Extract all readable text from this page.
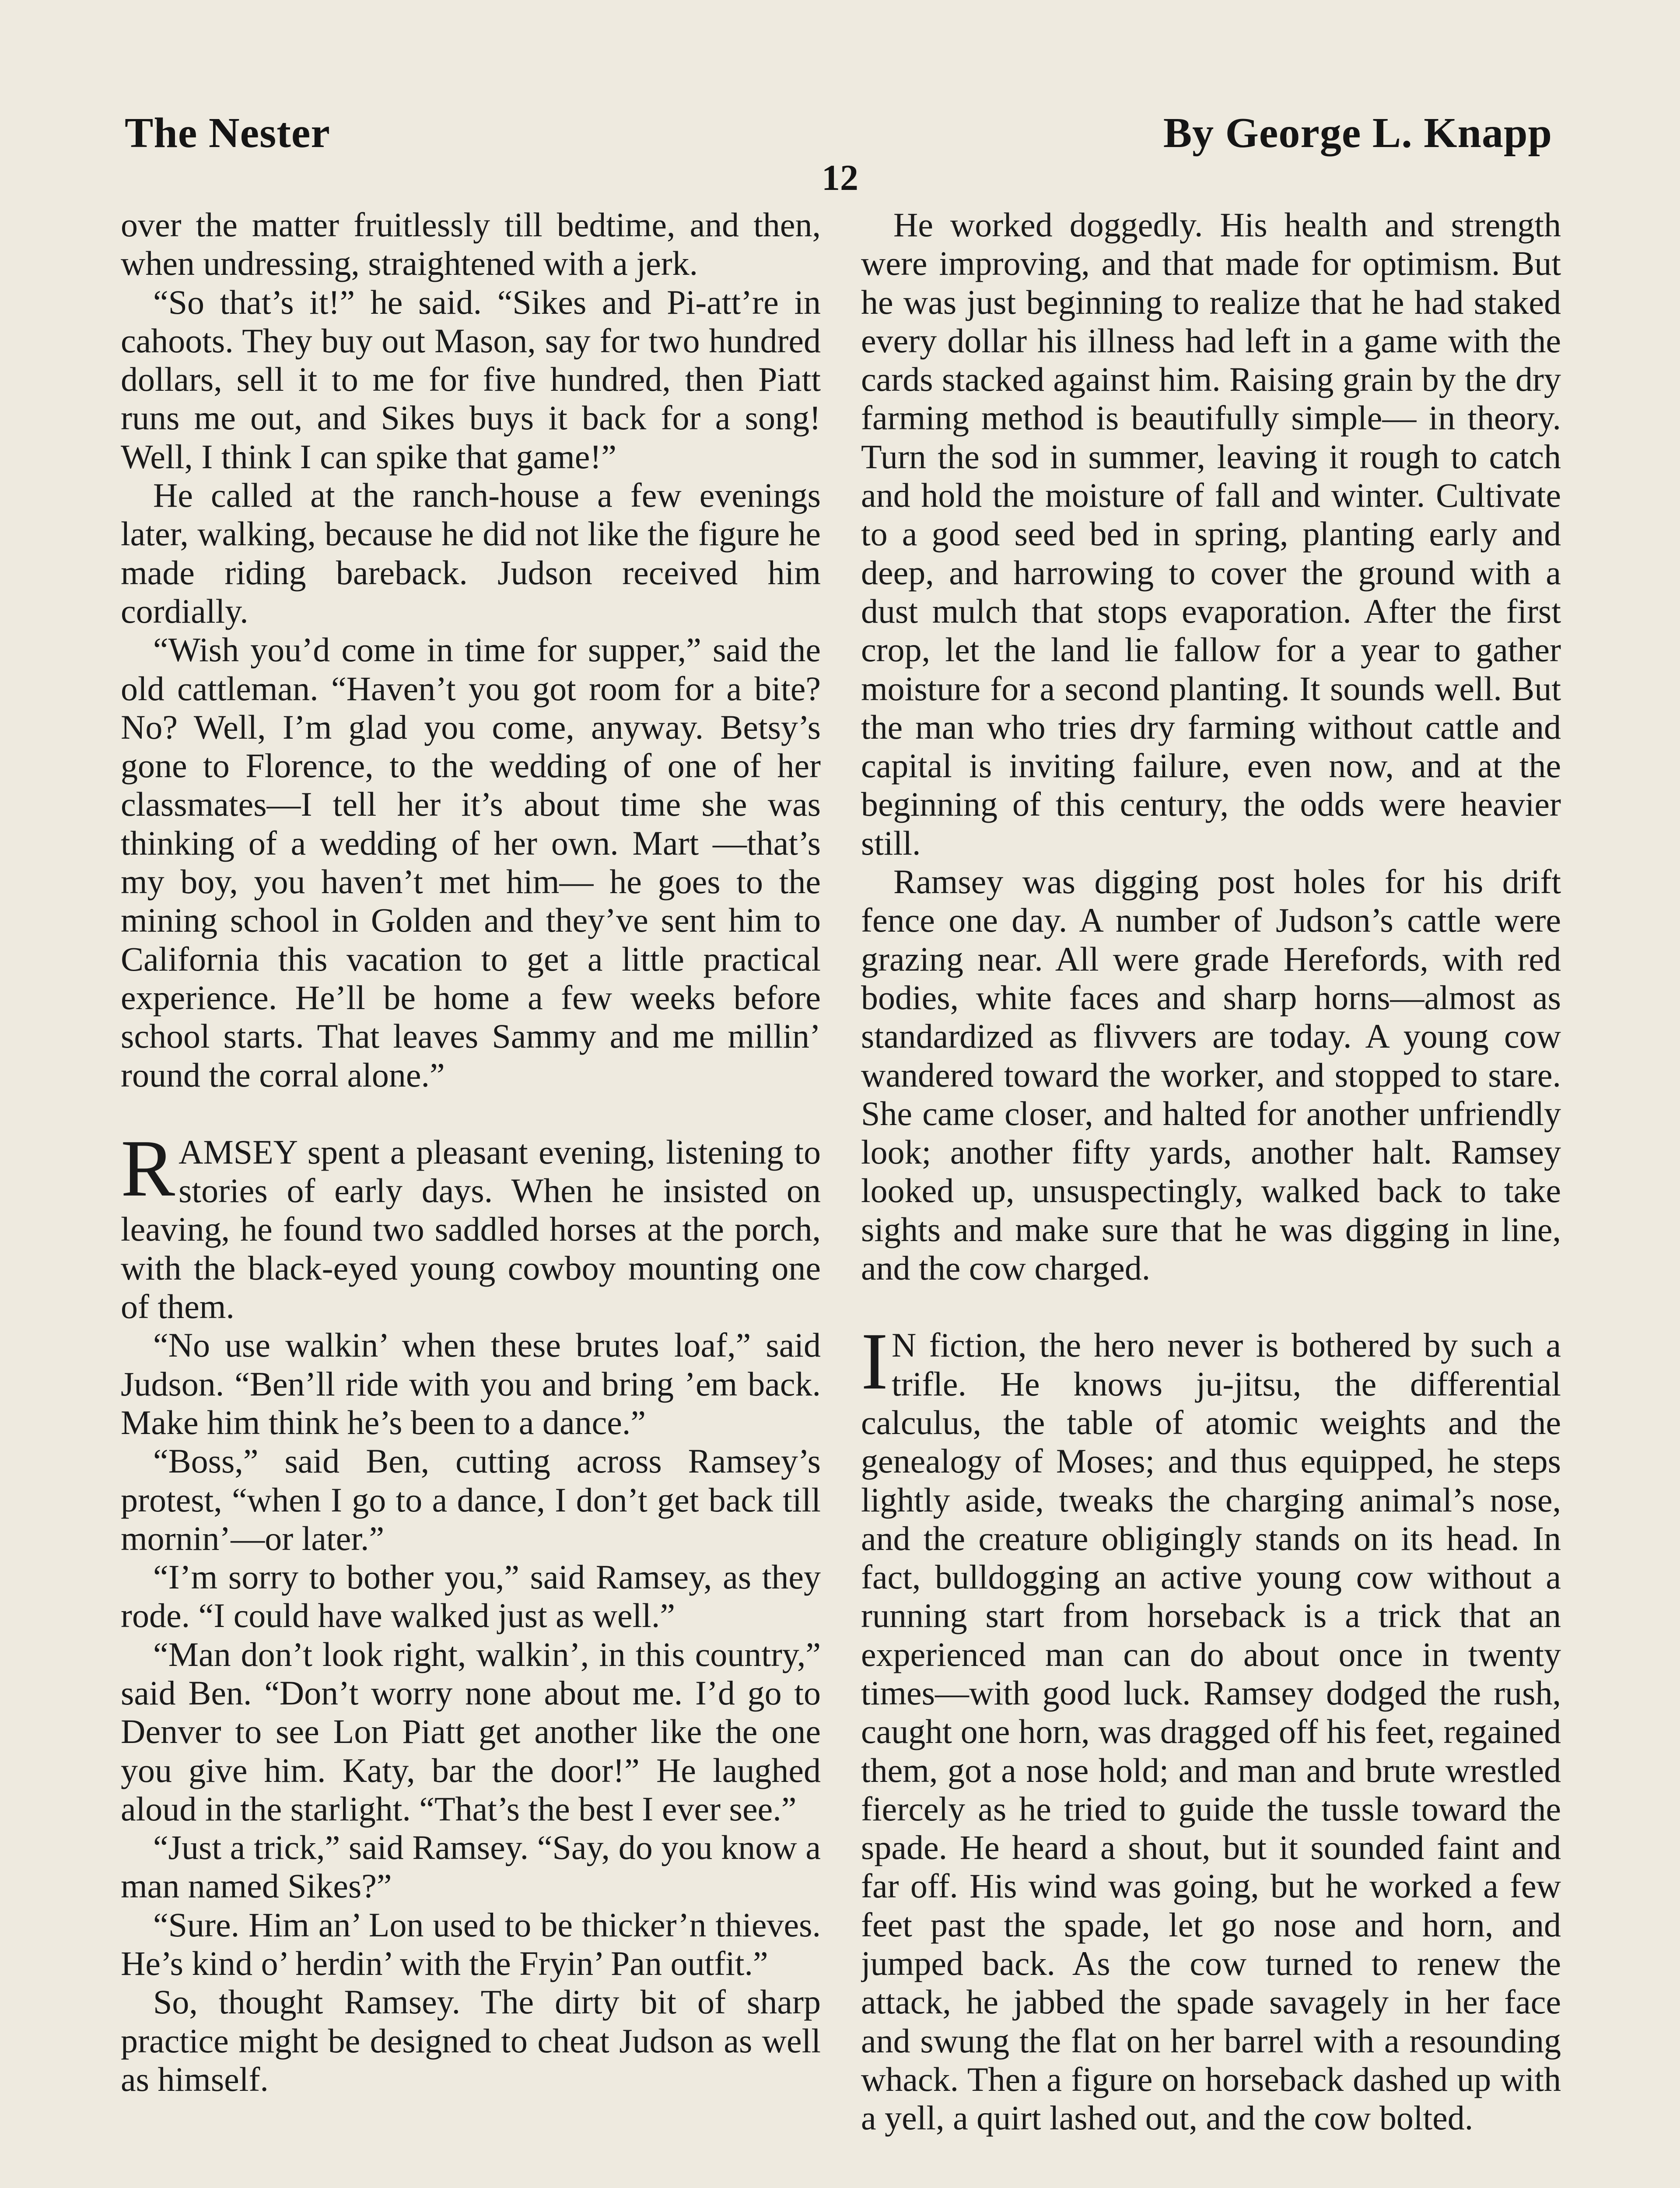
The Nester	By George L. Knapp
12

over the matter fruitlessly till bedtime, and then, when undressing, straightened with a jerk.

“So that’s it!” he said. “Sikes and Pi-att’re in cahoots. They buy out Mason, say for two hundred dollars, sell it to me for five hundred, then Piatt runs me out, and Sikes buys it back for a song! Well, I think I can spike that game!”

He called at the ranch-house a few evenings later, walking, because he did not like the figure he made riding bareback. Judson received him cordially.

“Wish you’d come in time for supper,” said the old cattleman. “Haven’t you got room for a bite? No? Well, I’m glad you come, anyway. Betsy’s gone to Florence, to the wedding of one of her classmates—I tell her it’s about time she was thinking of a wedding of her own. Mart —that’s my boy, you haven’t met him— he goes to the mining school in Golden and they’ve sent him to California this vacation to get a little practical experience. He’ll be home a few weeks before school starts. That leaves Sammy and me millin’ round the corral alone.”

RAMSEY spent a pleasant evening, listening to stories of early days. When he insisted on leaving, he found two saddled horses at the porch, with the black-eyed young cowboy mounting one of them.

“No use walkin’ when these brutes loaf,” said Judson. “Ben’ll ride with you and bring ’em back. Make him think he’s been to a dance.”

“Boss,” said Ben, cutting across Ramsey’s protest, “when I go to a dance, I don’t get back till mornin’—or later.”

“I’m sorry to bother you,” said Ramsey, as they rode. “I could have walked just as well.”

“Man don’t look right, walkin’, in this country,” said Ben. “Don’t worry none about me. I’d go to Denver to see Lon Piatt get another like the one you give him. Katy, bar the door!” He laughed aloud in the starlight. “That’s the best I ever see.”

“Just a trick,” said Ramsey. “Say, do you know a man named Sikes?”

“Sure. Him an’ Lon used to be thicker’n thieves. He’s kind o’ herdin’ with the Fryin’ Pan outfit.”

So, thought Ramsey. The dirty bit of sharp practice might be designed to cheat Judson as well as himself.

He worked doggedly. His health and strength were improving, and that made for optimism. But he was just beginning to realize that he had staked every dollar his illness had left in a game with the cards stacked against him. Raising grain by the dry farming method is beautifully simple— in theory. Turn the sod in summer, leaving it rough to catch and hold the moisture of fall and winter. Cultivate to a good seed bed in spring, planting early and deep, and harrowing to cover the ground with a dust mulch that stops evaporation. After the first crop, let the land lie fallow for a year to gather moisture for a second planting. It sounds well. But the man who tries dry farming without cattle and capital is inviting failure, even now, and at the beginning of this century, the odds were heavier still.

Ramsey was digging post holes for his drift fence one day. A number of Judson’s cattle were grazing near. All were grade Herefords, with red bodies, white faces and sharp horns—almost as standardized as flivvers are today. A young cow wandered toward the worker, and stopped to stare. She came closer, and halted for another unfriendly look; another fifty yards, another halt. Ramsey looked up, unsuspectingly, walked back to take sights and make sure that he was digging in line, and the cow charged.

I N fiction, the hero never is bothered by such a trifle. He knows ju-jitsu, the differential calculus, the table of atomic weights and the genealogy of Moses; and thus equipped, he steps lightly aside, tweaks the charging animal’s nose, and the creature obligingly stands on its head. In fact, bulldogging an active young cow without a running start from horseback is a trick that an experienced man can do about once in twenty times—with good luck. Ramsey dodged the rush, caught one horn, was dragged off his feet, regained them, got a nose hold; and man and brute wrestled fiercely as he tried to guide the tussle toward the spade. He heard a shout, but it sounded faint and far off. His wind was going, but he worked a few feet past the spade, let go nose and horn, and jumped back. As the cow turned to renew the attack, he jabbed the spade savagely in her face and swung the flat on her barrel with a resounding whack. Then a figure on horseback dashed up with a yell, a quirt lashed out, and the cow bolted.
